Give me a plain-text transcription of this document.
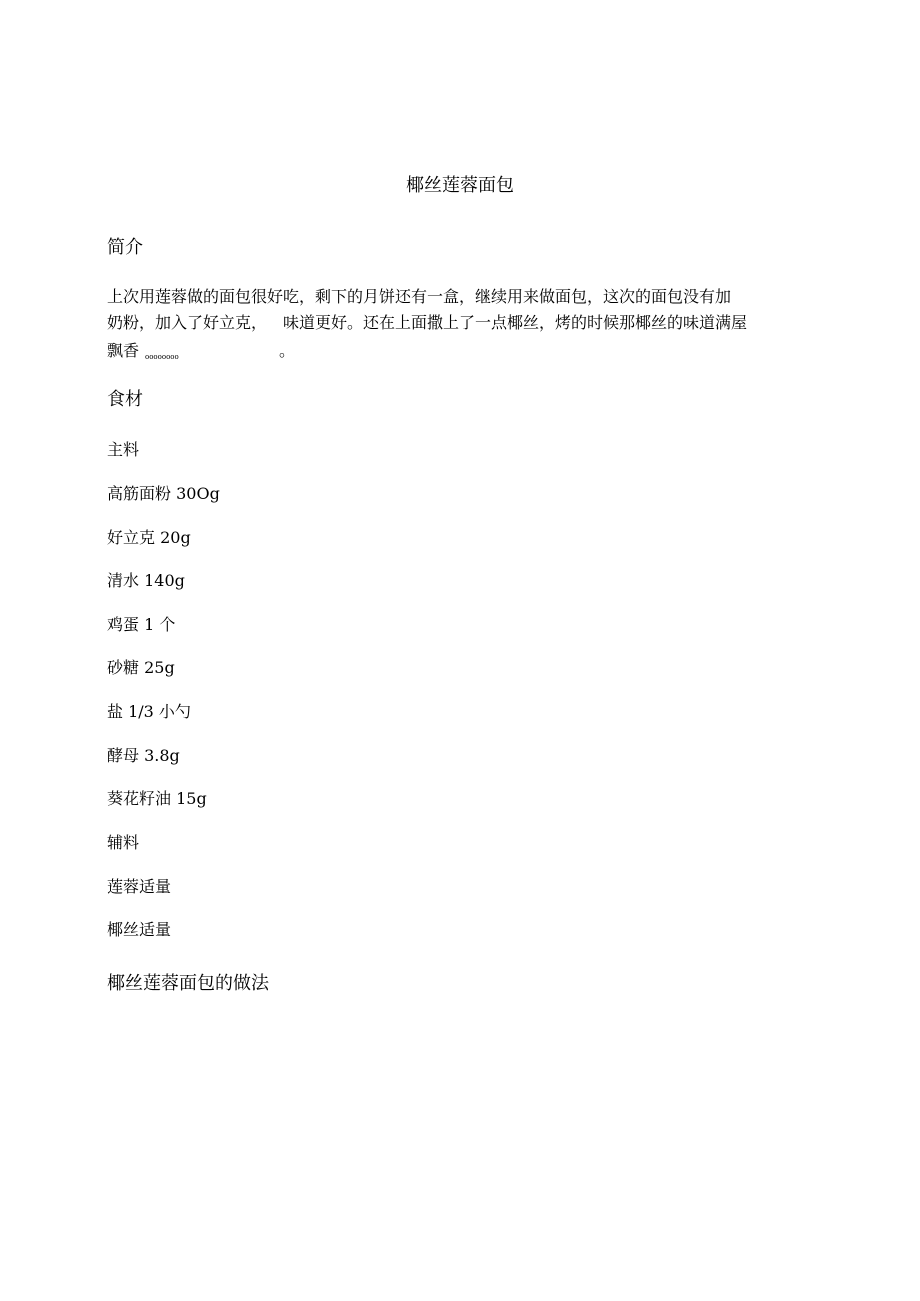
椰丝莲蓉面包
简介
上次用莲蓉做的面包很好吃，剩下的月饼还有一盒，继续用来做面包，这次的面包没有加
奶粉，加入了好立克， 味道更好。还在上面撒上了一点椰丝，烤的时候那椰丝的味道满屋
飘香 oooooooo	。
食材
主料
高筋面粉 30Og
好立克 20g
清水 140g
鸡蛋 1 个
砂糖 25g
盐 1/3 小勺
酵母 3.8g
葵花籽油 15g
辅料
莲蓉适量
椰丝适量
椰丝莲蓉面包的做法
